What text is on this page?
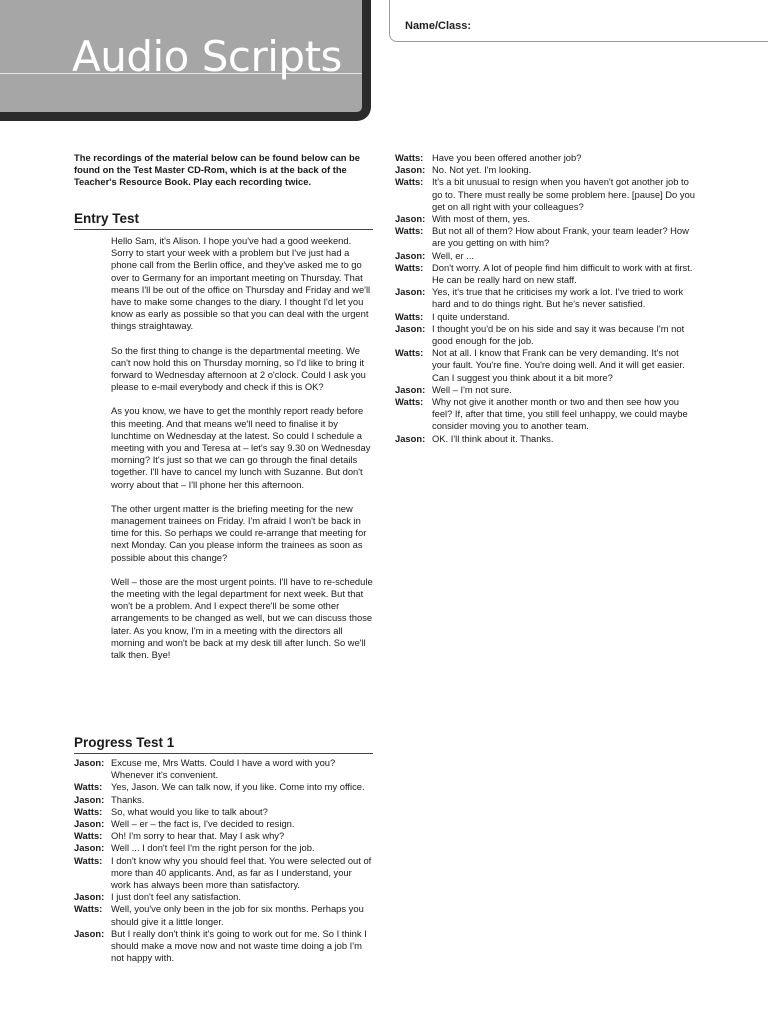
Audio Scripts
Name/Class:
The recordings of the material below can be found below can be found on the Test Master CD-Rom, which is at the back of the Teacher's Resource Book. Play each recording twice.
Entry Test

Hello Sam, it's Alison. I hope you've had a good weekend. Sorry to start your week with a problem but I've just had a phone call from the Berlin office, and they've asked me to go over to Germany for an important meeting on Thursday. That means I'll be out of the office on Thursday and Friday and we'll have to make some changes to the diary. I thought I'd let you know as early as possible so that you can deal with the urgent things straightaway.

So the first thing to change is the departmental meeting. We can't now hold this on Thursday morning, so I'd like to bring it forward to Wednesday afternoon at 2 o'clock. Could I ask you please to e-mail everybody and check if this is OK?

As you know, we have to get the monthly report ready before this meeting. And that means we'll need to finalise it by lunchtime on Wednesday at the latest. So could I schedule a meeting with you and Teresa at – let's say 9.30 on Wednesday morning? It's just so that we can go through the final details together. I'll have to cancel my lunch with Suzanne. But don't worry about that – I'll phone her this afternoon.

The other urgent matter is the briefing meeting for the new management trainees on Friday. I'm afraid I won't be back in time for this. So perhaps we could re-arrange that meeting for next Monday. Can you please inform the trainees as soon as possible about this change?

Well – those are the most urgent points. I'll have to re-schedule the meeting with the legal department for next week. But that won't be a problem. And I expect there'll be some other arrangements to be changed as well, but we can discuss those later. As you know, I'm in a meeting with the directors all morning and won't be back at my desk till after lunch. So we'll talk then. Bye!

Progress Test 1
Jason: Excuse me, Mrs Watts. Could I have a word with you? Whenever it's convenient.
Watts: Yes, Jason. We can talk now, if you like. Come into my office.
Jason: Thanks.
Watts: So, what would you like to talk about?
Jason: Well – er – the fact is, I've decided to resign.
Watts: Oh! I'm sorry to hear that. May I ask why?
Jason: Well ... I don't feel I'm the right person for the job.
Watts: I don't know why you should feel that. You were selected out of more than 40 applicants. And, as far as I understand, your work has always been more than satisfactory.
Jason: I just don't feel any satisfaction.
Watts: Well, you've only been in the job for six months. Perhaps you should give it a little longer.
Jason: But I really don't think it's going to work out for me. So I think I should make a move now and not waste time doing a job I'm not happy with.
Watts: Have you been offered another job?
Jason: No. Not yet. I'm looking.
Watts: It's a bit unusual to resign when you haven't got another job to go to. There must really be some problem here. [pause] Do you get on all right with your colleagues?
Jason: With most of them, yes.
Watts: But not all of them? How about Frank, your team leader? How are you getting on with him?
Jason: Well, er ...
Watts: Don't worry. A lot of people find him difficult to work with at first. He can be really hard on new staff.
Jason: Yes, it's true that he criticises my work a lot. I've tried to work hard and to do things right. But he's never satisfied.
Watts: I quite understand.
Jason: I thought you'd be on his side and say it was because I'm not good enough for the job.
Watts: Not at all. I know that Frank can be very demanding. It's not your fault. You're fine. You're doing well. And it will get easier. Can I suggest you think about it a bit more?
Jason: Well – I'm not sure.
Watts: Why not give it another month or two and then see how you feel? If, after that time, you still feel unhappy, we could maybe consider moving you to another team.
Jason: OK. I'll think about it. Thanks.
